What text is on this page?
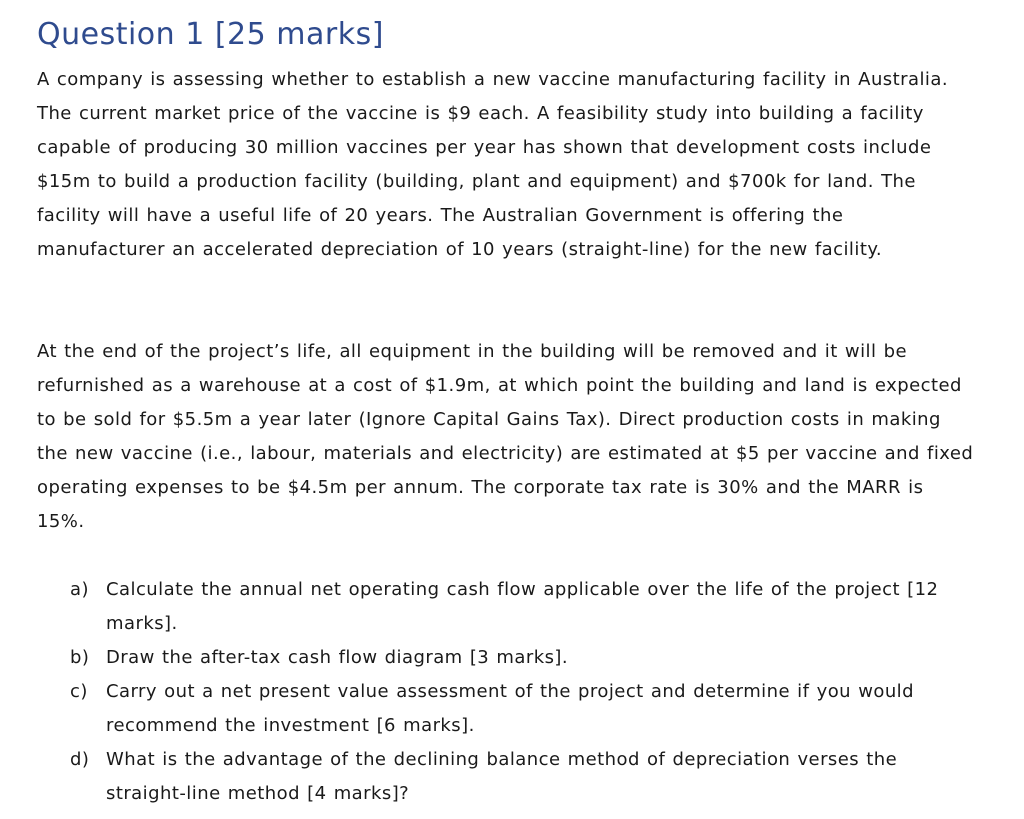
Question 1 [25 marks]

A company is assessing whether to establish a new vaccine manufacturing facility in Australia. The current market price of the vaccine is $9 each. A feasibility study into building a facility capable of producing 30 million vaccines per year has shown that development costs include $15m to build a production facility (building, plant and equipment) and $700k for land. The facility will have a useful life of 20 years. The Australian Government is offering the manufacturer an accelerated depreciation of 10 years (straight-line) for the new facility.

At the end of the project’s life, all equipment in the building will be removed and it will be refurnished as a warehouse at a cost of $1.9m, at which point the building and land is expected to be sold for $5.5m a year later (Ignore Capital Gains Tax). Direct production costs in making the new vaccine (i.e., labour, materials and electricity) are estimated at $5 per vaccine and fixed operating expenses to be $4.5m per annum. The corporate tax rate is 30% and the MARR is 15%.

a) Calculate the annual net operating cash flow applicable over the life of the project [12 marks].
b) Draw the after-tax cash flow diagram [3 marks].
c) Carry out a net present value assessment of the project and determine if you would recommend the investment [6 marks].
d) What is the advantage of the declining balance method of depreciation verses the straight-line method [4 marks]?
